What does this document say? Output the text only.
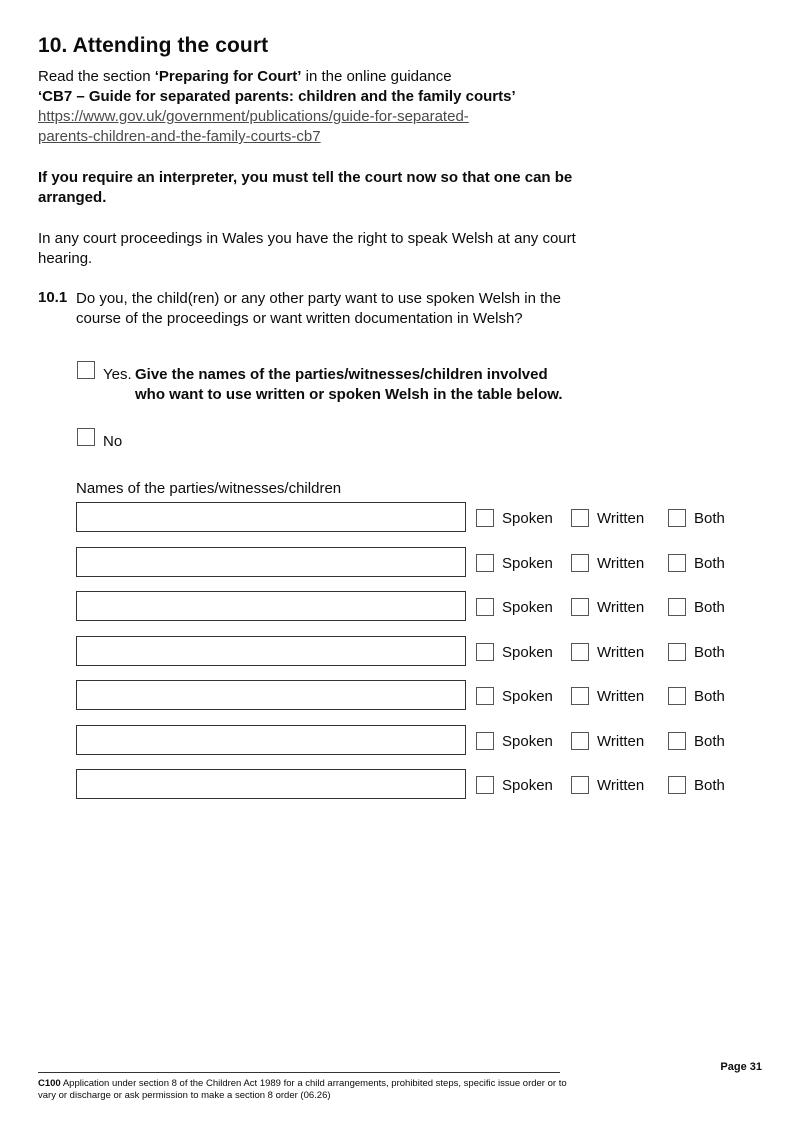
10. Attending the court
Read the section ‘Preparing for Court’ in the online guidance
‘CB7 – Guide for separated parents: children and the family courts’
https://www.gov.uk/government/publications/guide-for-separated-
parents-children-and-the-family-courts-cb7
If you require an interpreter, you must tell the court now so that one can be arranged.
In any court proceedings in Wales you have the right to speak Welsh at any court hearing.
10.1 Do you, the child(ren) or any other party want to use spoken Welsh in the course of the proceedings or want written documentation in Welsh?
Yes. Give the names of the parties/witnesses/children involved who want to use written or spoken Welsh in the table below.
No
Names of the parties/witnesses/children
Spoken	Written	Both
Spoken	Written	Both
Spoken	Written	Both
Spoken	Written	Both
Spoken	Written	Both
Spoken	Written	Both
Spoken	Written	Both
C100 Application under section 8 of the Children Act 1989 for a child arrangements, prohibited steps, specific issue order or to vary or discharge or ask permission to make a section 8 order (06.26)
Page 31
